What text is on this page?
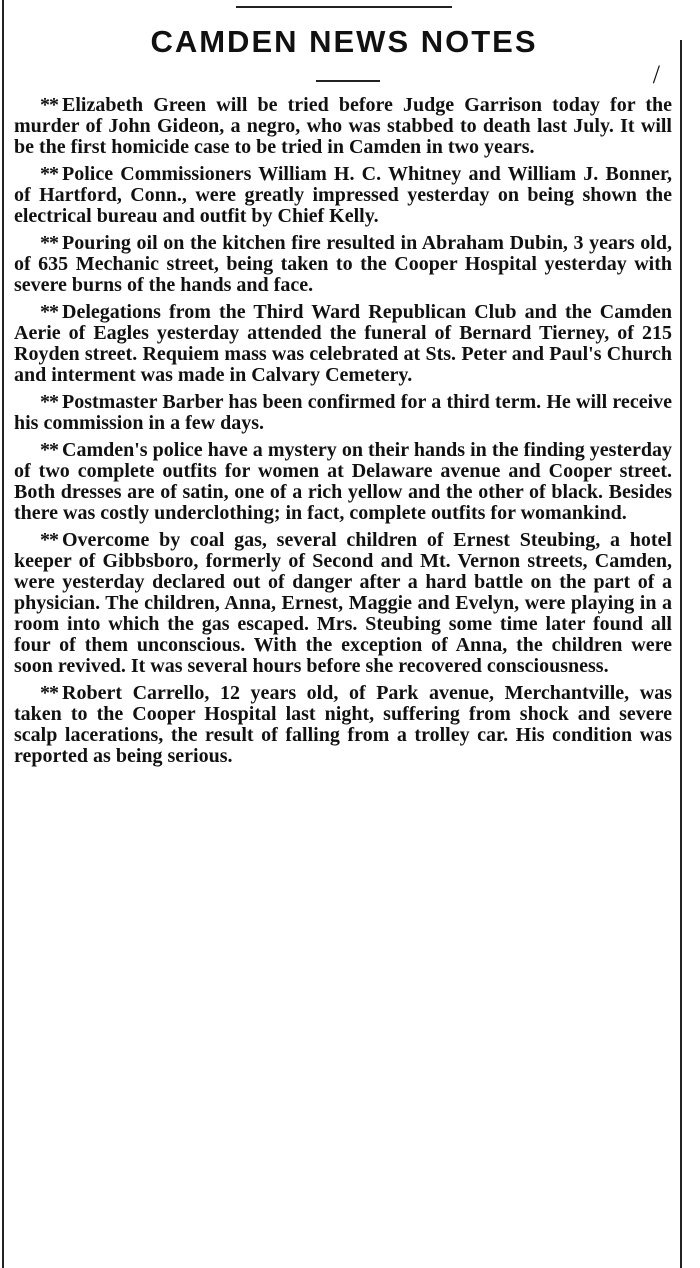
CAMDEN NEWS NOTES
/

** Elizabeth Green will be tried before Judge Garrison today for the murder of John Gideon, a negro, who was stabbed to death last July. It will be the first homicide case to be tried in Camden in two years.

** Police Commissioners William H. C. Whitney and William J. Bonner, of Hartford, Conn., were greatly impressed yesterday on being shown the electrical bureau and outfit by Chief Kelly.

** Pouring oil on the kitchen fire resulted in Abraham Dubin, 3 years old, of 635 Mechanic street, being taken to the Cooper Hospital yesterday with severe burns of the hands and face.

** Delegations from the Third Ward Republican Club and the Camden Aerie of Eagles yesterday attended the funeral of Bernard Tierney, of 215 Royden street. Requiem mass was celebrated at Sts. Peter and Paul's Church and interment was made in Calvary Cemetery.

** Postmaster Barber has been confirmed for a third term. He will receive his commission in a few days.

** Camden's police have a mystery on their hands in the finding yesterday of two complete outfits for women at Delaware avenue and Cooper street. Both dresses are of satin, one of a rich yellow and the other of black. Besides there was costly underclothing; in fact, complete outfits for womankind.

** Overcome by coal gas, several children of Ernest Steubing, a hotel keeper of Gibbsboro, formerly of Second and Mt. Vernon streets, Camden, were yesterday declared out of danger after a hard battle on the part of a physician. The children, Anna, Ernest, Maggie and Evelyn, were playing in a room into which the gas escaped. Mrs. Steubing some time later found all four of them unconscious. With the exception of Anna, the children were soon revived. It was several hours before she recovered consciousness.

** Robert Carrello, 12 years old, of Park avenue, Merchantville, was taken to the Cooper Hospital last night, suffering from shock and severe scalp lacerations, the result of falling from a trolley car. His condition was reported as being serious.
